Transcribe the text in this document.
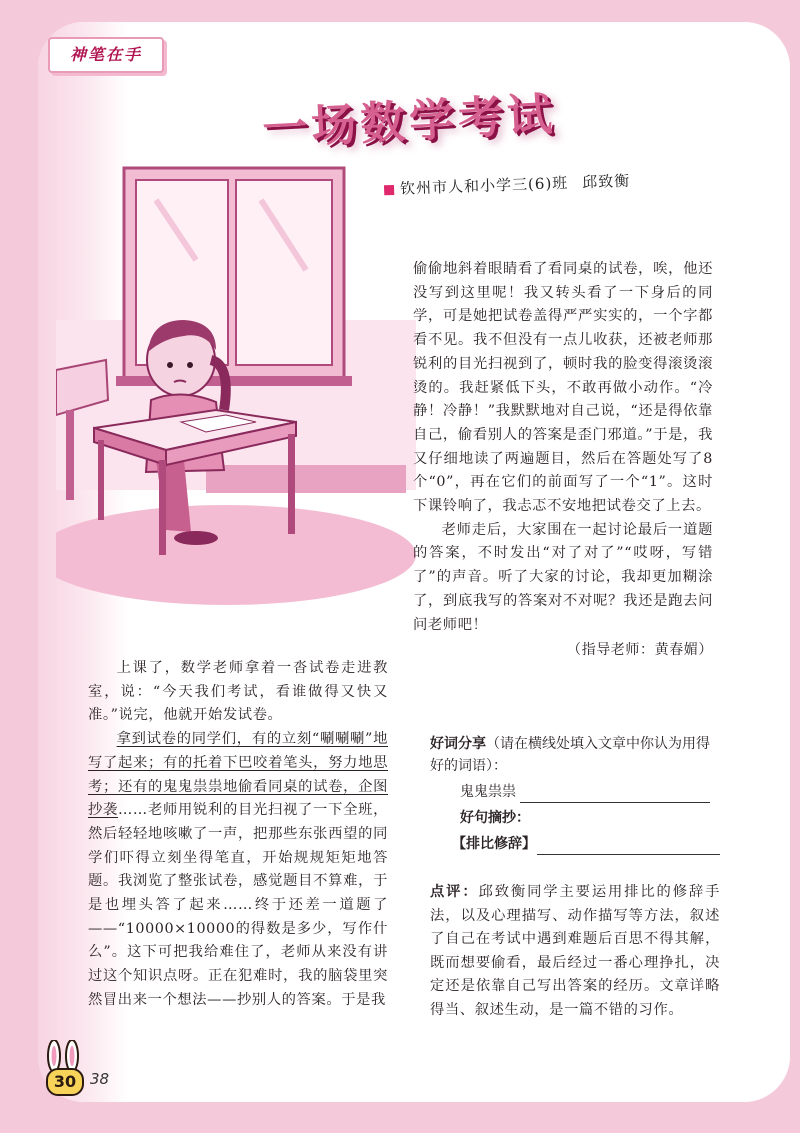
神笔在手
一场数学考试
钦州市人和小学三(6)班 邱致衡

偷偷地斜着眼睛看了看同桌的试卷，唉，他还没写到这里呢！我又转头看了一下身后的同学，可是她把试卷盖得严严实实的，一个字都看不见。我不但没有一点儿收获，还被老师那锐利的目光扫视到了，顿时我的脸变得滚烫滚烫的。我赶紧低下头，不敢再做小动作。“冷静！冷静！”我默默地对自己说，“还是得依靠自己，偷看别人的答案是歪门邪道。”于是，我又仔细地读了两遍题目，然后在答题处写了8个“0”，再在它们的前面写了一个“1”。这时下课铃响了，我忐忑不安地把试卷交了上去。

老师走后，大家围在一起讨论最后一道题的答案，不时发出“对了对了”“哎呀，写错了”的声音。听了大家的讨论，我却更加糊涂了，到底我写的答案对不对呢？我还是跑去问问老师吧！

（指导老师：黄春媚）
好词分享（请在横线处填入文章中你认为用得好的词语）：
鬼鬼祟祟
好句摘抄：
【排比修辞】
点评：邱致衡同学主要运用排比的修辞手法，以及心理描写、动作描写等方法，叙述了自己在考试中遇到难题后百思不得其解，既而想要偷看，最后经过一番心理挣扎，决定还是依靠自己写出答案的经历。文章详略得当、叙述生动，是一篇不错的习作。

上课了，数学老师拿着一沓试卷走进教室，说：“今天我们考试，看谁做得又快又准。”说完，他就开始发试卷。

拿到试卷的同学们，有的立刻“唰唰唰”地写了起来；有的托着下巴咬着笔头，努力地思考；还有的鬼鬼祟祟地偷看同桌的试卷，企图抄袭……老师用锐利的目光扫视了一下全班，然后轻轻地咳嗽了一声，把那些东张西望的同学们吓得立刻坐得笔直，开始规规矩矩地答题。我浏览了整张试卷，感觉题目不算难，于是也埋头答了起来……终于还差一道题了——“10000×10000的得数是多少，写作什么”。这下可把我给难住了，老师从来没有讲过这个知识点呀。正在犯难时，我的脑袋里突然冒出来一个想法——抄别人的答案。于是我

30 38
